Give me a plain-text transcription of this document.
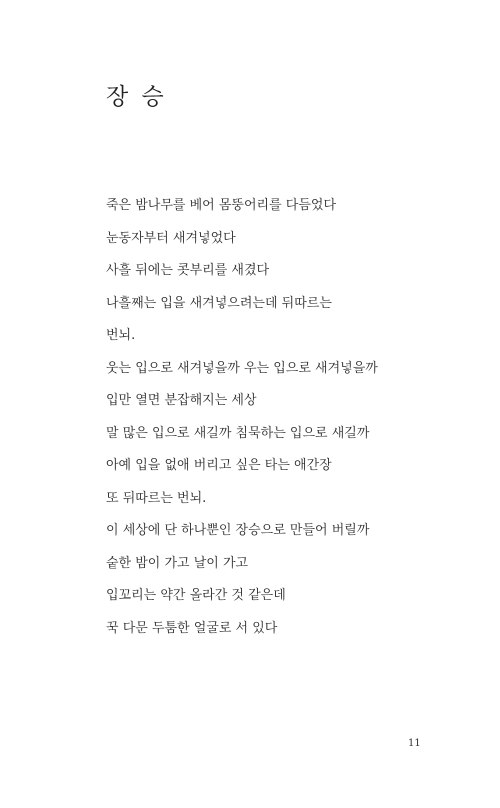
장 승
죽은 밤나무를 베어 몸뚱어리를 다듬었다
눈동자부터 새겨넣었다
사흘 뒤에는 콧부리를 새겼다
나흘째는 입을 새겨넣으려는데 뒤따르는
번뇌.
웃는 입으로 새겨넣을까 우는 입으로 새겨넣을까
입만 열면 분잡해지는 세상
말 많은 입으로 새길까 침묵하는 입으로 새길까
아예 입을 없애 버리고 싶은 타는 애간장
또 뒤따르는 번뇌.
이 세상에 단 하나뿐인 장승으로 만들어 버릴까
숱한 밤이 가고 날이 가고
입꼬리는 약간 올라간 것 같은데
꾹 다문 두툼한 얼굴로 서 있다
11
